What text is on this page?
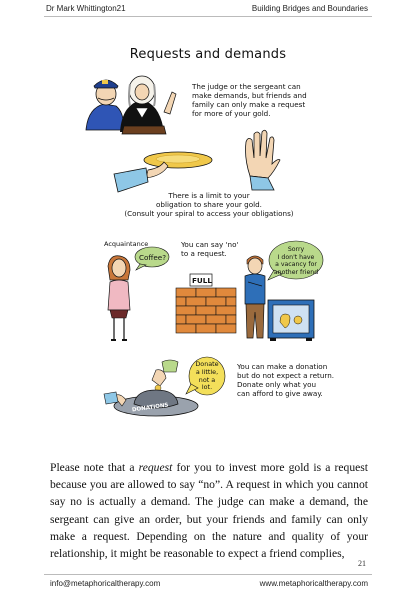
Dr Mark Whittington21	Building Bridges and Boundaries
Requests and demands
The judge or the sergeant can
make demands, but friends and
family can only make a request
for more of your gold.
There is a limit to your
obligation to share your gold.
(Consult your spiral to access your obligations)
Acquaintance
Coffee?
You can say 'no'
to a request.
FULL
Sorry
I don't have
a vacancy for
another friend
DONATIONS
Donate
a little,
not a
lot.
You can make a donation
but do not expect a return.
Donate only what you
can afford to give away.
Please note that a request for you to invest more gold is a request because you are allowed to say “no”. A request in which you cannot say no is actually a demand. The judge can make a demand, the sergeant can give an order, but your friends and family can only make a request. Depending on the nature and quality of your relationship, it might be reasonable to expect a friend complies,
21
info@metaphoricaltherapy.com	www.metaphoricaltherapy.com
